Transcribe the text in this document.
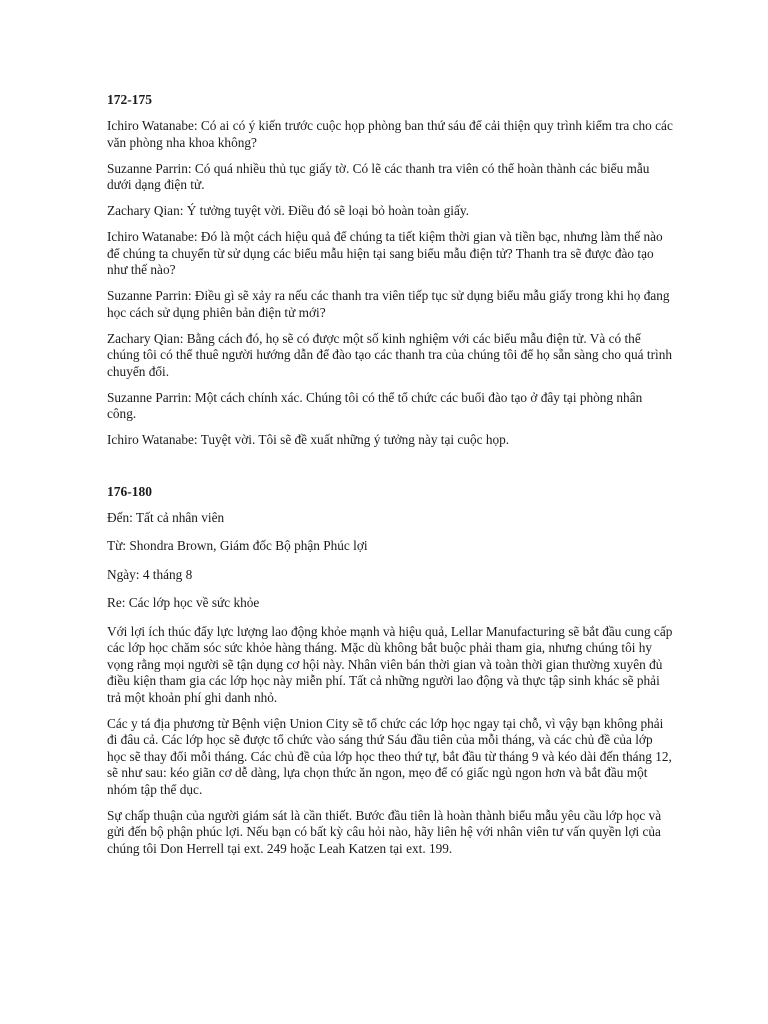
172-175

Ichiro Watanabe: Có ai có ý kiến trước cuộc họp phòng ban thứ sáu để cải thiện quy trình kiểm tra cho các văn phòng nha khoa không?

Suzanne Parrin: Có quá nhiều thủ tục giấy tờ. Có lẽ các thanh tra viên có thể hoàn thành các biểu mẫu dưới dạng điện tử.

Zachary Qian: Ý tưởng tuyệt vời. Điều đó sẽ loại bỏ hoàn toàn giấy.

Ichiro Watanabe: Đó là một cách hiệu quả để chúng ta tiết kiệm thời gian và tiền bạc, nhưng làm thế nào để chúng ta chuyển từ sử dụng các biểu mẫu hiện tại sang biểu mẫu điện tử? Thanh tra sẽ được đào tạo như thế nào?

Suzanne Parrin: Điều gì sẽ xảy ra nếu các thanh tra viên tiếp tục sử dụng biểu mẫu giấy trong khi họ đang học cách sử dụng phiên bản điện tử mới?

Zachary Qian: Bằng cách đó, họ sẽ có được một số kinh nghiệm với các biểu mẫu điện tử. Và có thể chúng tôi có thể thuê người hướng dẫn để đào tạo các thanh tra của chúng tôi để họ sẵn sàng cho quá trình chuyển đổi.

Suzanne Parrin: Một cách chính xác. Chúng tôi có thể tổ chức các buổi đào tạo ở đây tại phòng nhân công.

Ichiro Watanabe: Tuyệt vời. Tôi sẽ đề xuất những ý tưởng này tại cuộc họp.

176-180

Đến: Tất cả nhân viên

Từ: Shondra Brown, Giám đốc Bộ phận Phúc lợi

Ngày: 4 tháng 8

Re: Các lớp học về sức khỏe

Với lợi ích thúc đẩy lực lượng lao động khỏe mạnh và hiệu quả, Lellar Manufacturing sẽ bắt đầu cung cấp các lớp học chăm sóc sức khỏe hàng tháng. Mặc dù không bắt buộc phải tham gia, nhưng chúng tôi hy vọng rằng mọi người sẽ tận dụng cơ hội này. Nhân viên bán thời gian và toàn thời gian thường xuyên đủ điều kiện tham gia các lớp học này miễn phí. Tất cả những người lao động và thực tập sinh khác sẽ phải trả một khoản phí ghi danh nhỏ.

Các y tá địa phương từ Bệnh viện Union City sẽ tổ chức các lớp học ngay tại chỗ, vì vậy bạn không phải đi đâu cả. Các lớp học sẽ được tổ chức vào sáng thứ Sáu đầu tiên của mỗi tháng, và các chủ đề của lớp học sẽ thay đổi mỗi tháng. Các chủ đề của lớp học theo thứ tự, bắt đầu từ tháng 9 và kéo dài đến tháng 12, sẽ như sau: kéo giãn cơ dễ dàng, lựa chọn thức ăn ngon, mẹo để có giấc ngủ ngon hơn và bắt đầu một nhóm tập thể dục.

Sự chấp thuận của người giám sát là cần thiết. Bước đầu tiên là hoàn thành biểu mẫu yêu cầu lớp học và gửi đến bộ phận phúc lợi. Nếu bạn có bất kỳ câu hỏi nào, hãy liên hệ với nhân viên tư vấn quyền lợi của chúng tôi Don Herrell tại ext. 249 hoặc Leah Katzen tại ext. 199.
